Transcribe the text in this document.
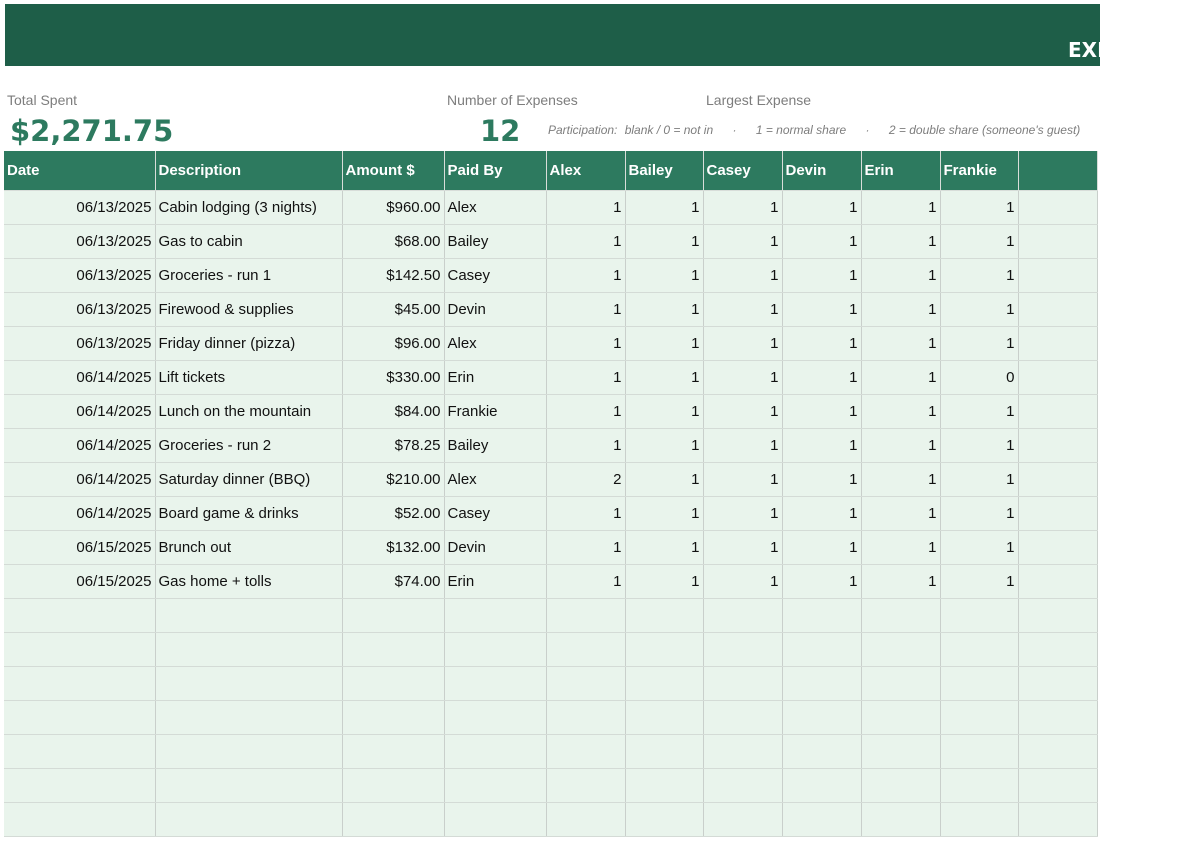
EXPENSES
Total Spent
$2,271.75
Number of Expenses
12
Largest Expense
Participation: blank / 0 = not in · 1 = normal share · 2 = double share (someone's guest)
Date	Description	Amount $	Paid By	Alex	Bailey	Casey	Devin	Erin	Frankie	
06/13/2025	Cabin lodging (3 nights)	$960.00	Alex	1	1	1	1	1	1	
06/13/2025	Gas to cabin	$68.00	Bailey	1	1	1	1	1	1	
06/13/2025	Groceries - run 1	$142.50	Casey	1	1	1	1	1	1	
06/13/2025	Firewood & supplies	$45.00	Devin	1	1	1	1	1	1	
06/13/2025	Friday dinner (pizza)	$96.00	Alex	1	1	1	1	1	1	
06/14/2025	Lift tickets	$330.00	Erin	1	1	1	1	1	0	
06/14/2025	Lunch on the mountain	$84.00	Frankie	1	1	1	1	1	1	
06/14/2025	Groceries - run 2	$78.25	Bailey	1	1	1	1	1	1	
06/14/2025	Saturday dinner (BBQ)	$210.00	Alex	2	1	1	1	1	1	
06/14/2025	Board game & drinks	$52.00	Casey	1	1	1	1	1	1	
06/15/2025	Brunch out	$132.00	Devin	1	1	1	1	1	1	
06/15/2025	Gas home + tolls	$74.00	Erin	1	1	1	1	1	1	
